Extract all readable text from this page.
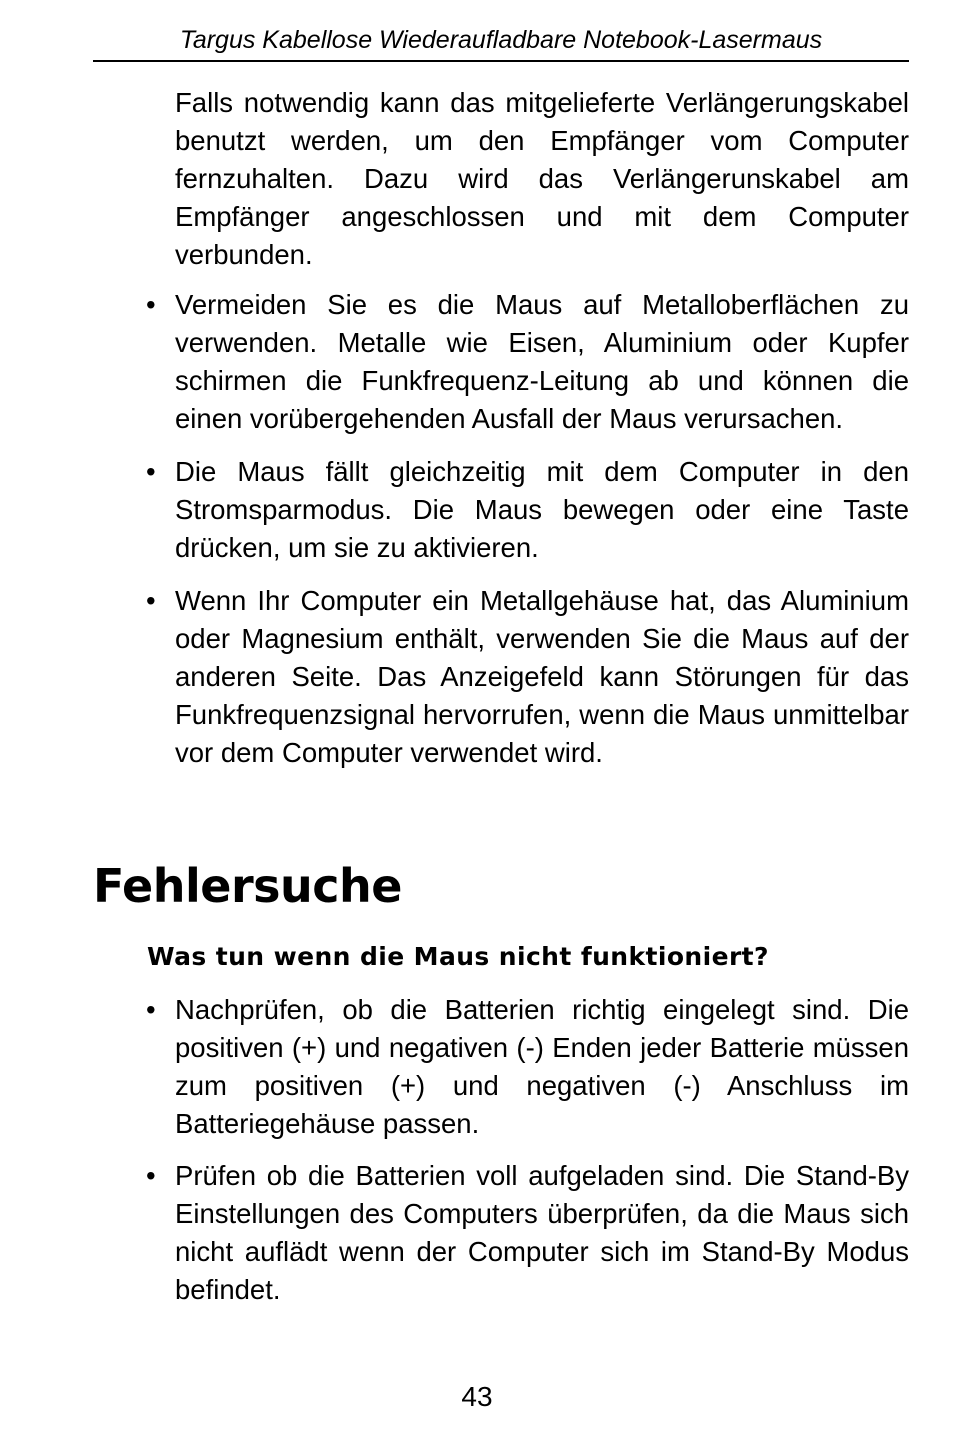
Targus Kabellose Wiederaufladbare Notebook-Lasermaus

Falls notwendig kann das mitgelieferte Verlängerungskabel benutzt werden, um den Empfänger vom Computer fernzuhalten. Dazu wird das Verlängerunskabel am Empfänger angeschlossen und mit dem Computer verbunden.

• Vermeiden Sie es die Maus auf Metalloberflächen zu verwenden. Metalle wie Eisen, Aluminium oder Kupfer schirmen die Funkfrequenz-Leitung ab und können die einen vorübergehenden Ausfall der Maus verursachen.

• Die Maus fällt gleichzeitig mit dem Computer in den Stromsparmodus. Die Maus bewegen oder eine Taste drücken, um sie zu aktivieren.

• Wenn Ihr Computer ein Metallgehäuse hat, das Aluminium oder Magnesium enthält, verwenden Sie die Maus auf der anderen Seite. Das Anzeigefeld kann Störungen für das Funkfrequenzsignal hervorrufen, wenn die Maus unmittelbar vor dem Computer verwendet wird.

Fehlersuche
Was tun wenn die Maus nicht funktioniert?
• Nachprüfen, ob die Batterien richtig eingelegt sind. Die positiven (+) und negativen (-) Enden jeder Batterie müssen zum positiven (+) und negativen (-) Anschluss im Batteriegehäuse passen.

• Prüfen ob die Batterien voll aufgeladen sind. Die Stand-By Einstellungen des Computers überprüfen, da die Maus sich nicht auflädt wenn der Computer sich im Stand-By Modus befindet.

43
